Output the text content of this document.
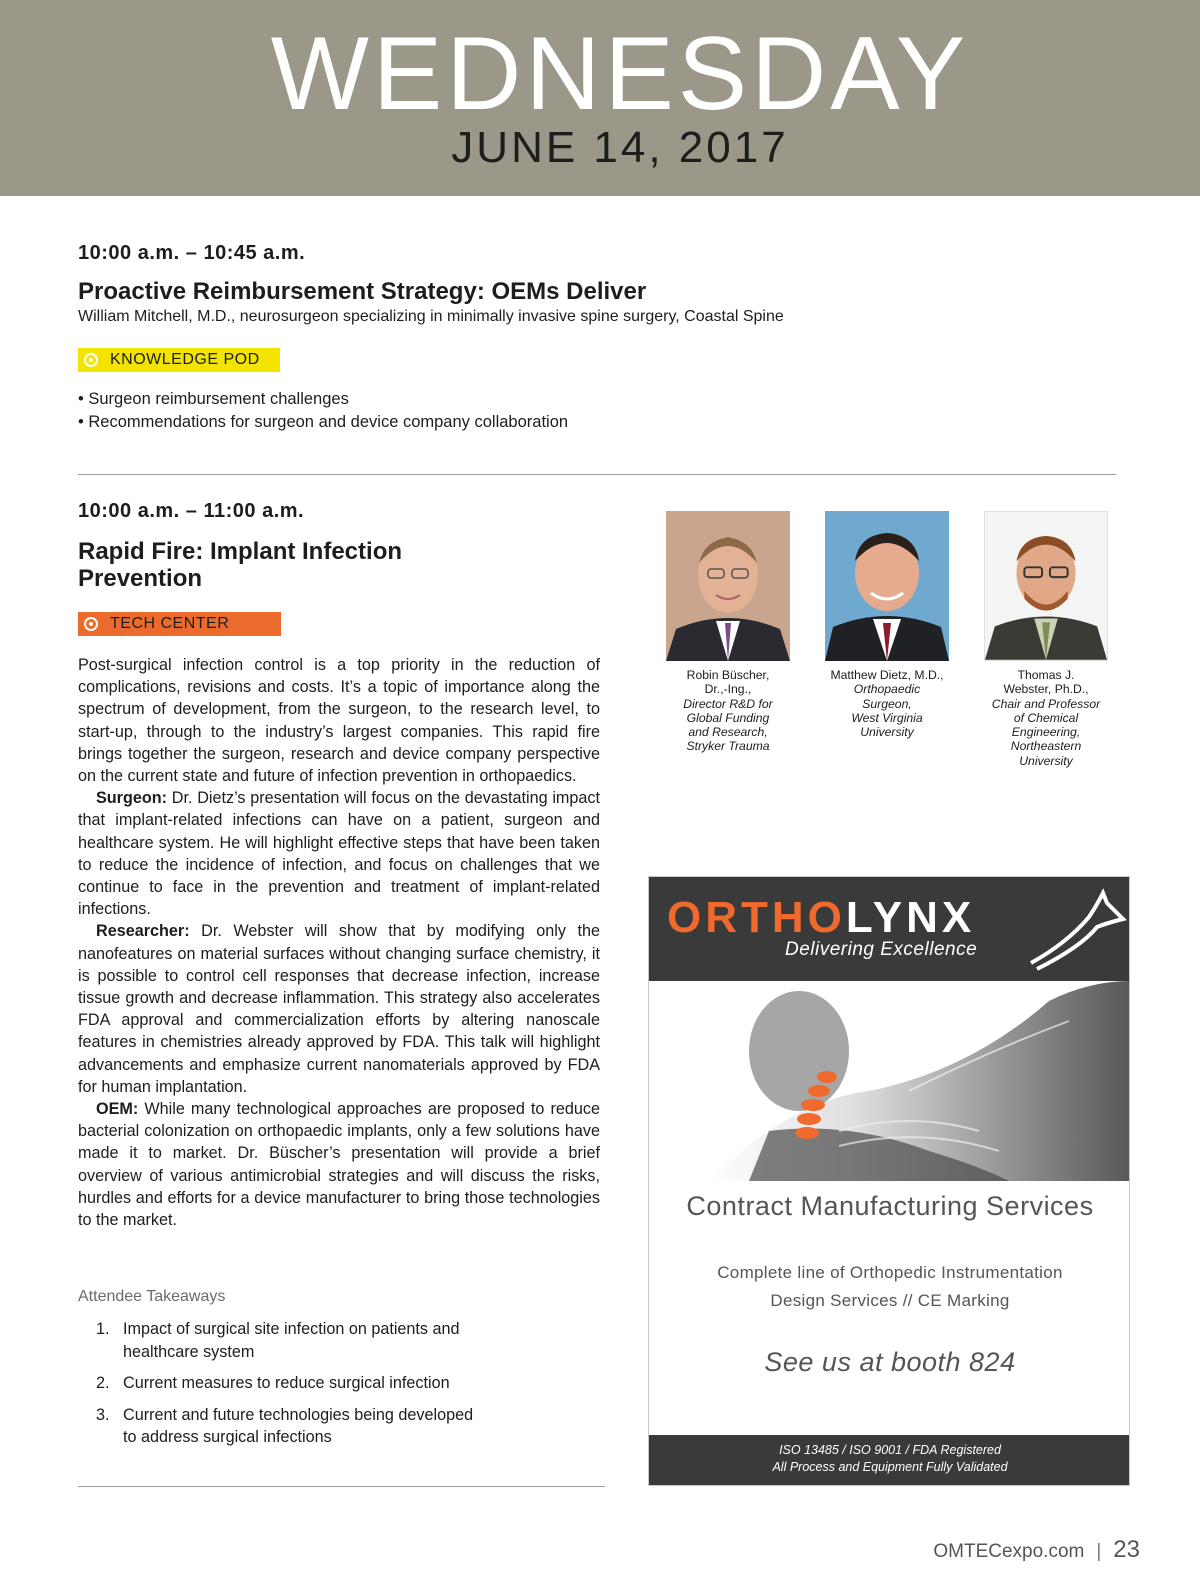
WEDNESDAY
JUNE 14, 2017
10:00 a.m. – 10:45 a.m.
Proactive Reimbursement Strategy: OEMs Deliver
William Mitchell, M.D., neurosurgeon specializing in minimally invasive spine surgery, Coastal Spine
KNOWLEDGE POD
• Surgeon reimbursement challenges
• Recommendations for surgeon and device company collaboration
10:00 a.m. – 11:00 a.m.
Rapid Fire: Implant Infection
Prevention
TECH CENTER

Post-surgical infection control is a top priority in the reduction of complications, revisions and costs. It’s a topic of importance along the spectrum of development, from the surgeon, to the research level, to start-up, through to the industry’s largest companies. This rapid fire brings together the surgeon, research and device company perspective on the current state and future of infection prevention in orthopaedics.

Surgeon: Dr. Dietz’s presentation will focus on the devastating impact that implant-related infections can have on a patient, surgeon and healthcare system. He will highlight effective steps that have been taken to reduce the incidence of infection, and focus on challenges that we continue to face in the prevention and treatment of implant-related infections.

Researcher: Dr. Webster will show that by modifying only the nanofeatures on material surfaces without changing surface chemistry, it is possible to control cell responses that decrease infection, increase tissue growth and decrease inflammation. This strategy also accelerates FDA approval and commercialization efforts by altering nanoscale features in chemistries already approved by FDA. This talk will highlight advancements and emphasize current nanomaterials approved by FDA for human implantation.

OEM: While many technological approaches are proposed to reduce bacterial colonization on orthopaedic implants, only a few solutions have made it to market. Dr. Büscher’s presentation will provide a brief overview of various antimicrobial strategies and will discuss the risks, hurdles and efforts for a device manufacturer to bring those technologies to the market.

Attendee Takeaways
1. Impact of surgical site infection on patients and
healthcare system
2. Current measures to reduce surgical infection
3. Current and future technologies being developed
to address surgical infections
Robin Büscher,
Dr.,-Ing.,
Director R&D for
Global Funding
and Research,
Stryker Trauma
Matthew Dietz, M.D.,
Orthopaedic
Surgeon,
West Virginia
University
Thomas J.
Webster, Ph.D.,
Chair and Professor
of Chemical
Engineering,
Northeastern
University
ORTHOLYNX
Delivering Excellence
Contract Manufacturing Services
Complete line of Orthopedic Instrumentation
Design Services // CE Marking
See us at booth 824
ISO 13485 / ISO 9001 / FDA Registered
All Process and Equipment Fully Validated
OMTECexpo.com | 23
